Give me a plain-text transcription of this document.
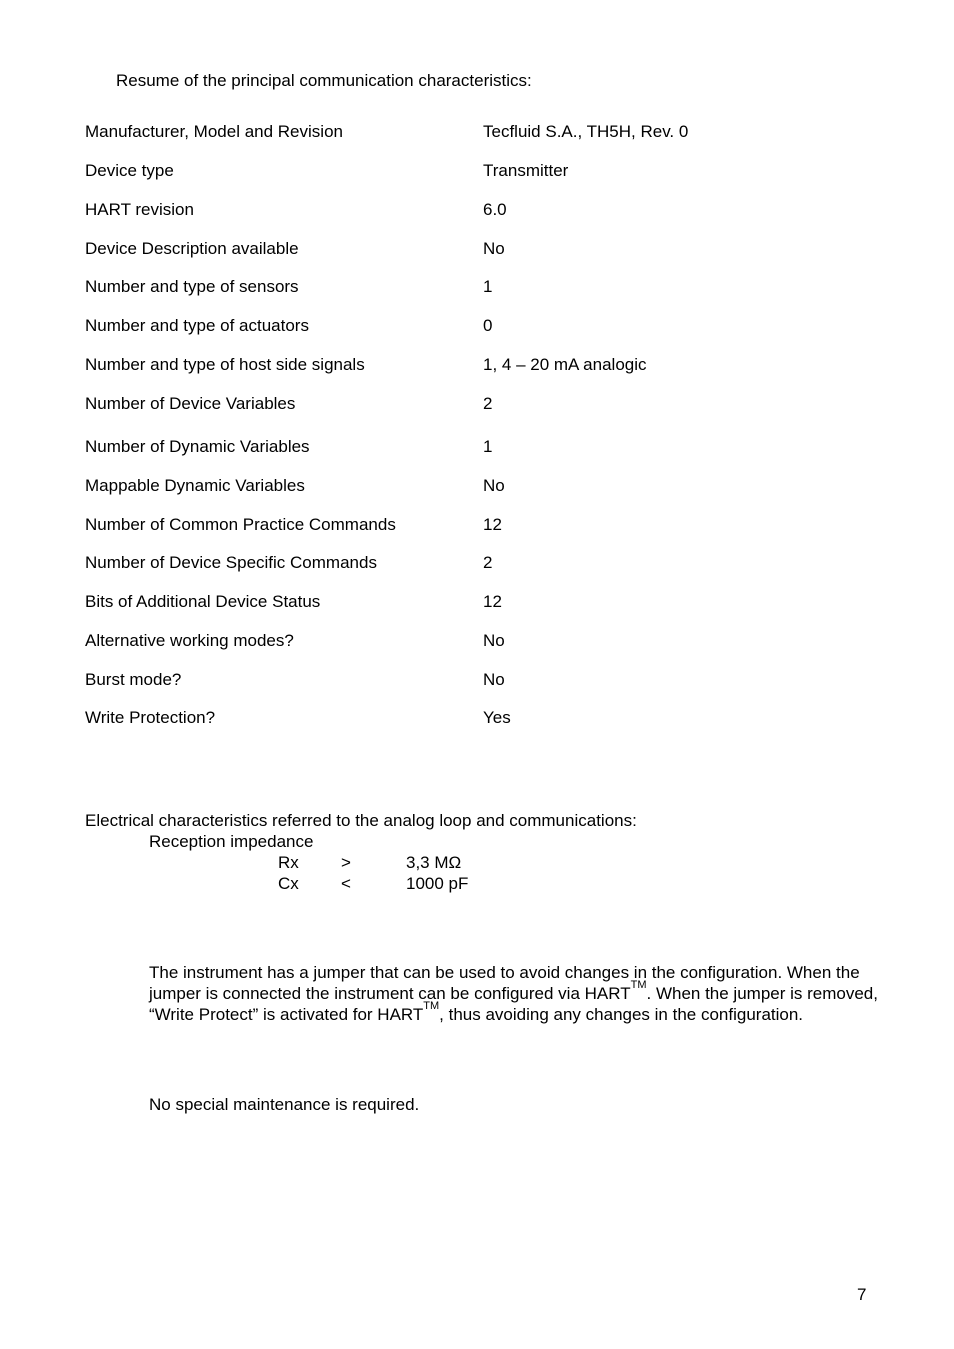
Resume of the principal communication characteristics:
Manufacturer, Model and Revision	Tecfluid S.A., TH5H, Rev. 0
Device type	Transmitter
HART revision	6.0
Device Description available	No
Number and type of sensors	1
Number and type of actuators	0
Number and type of host side signals	1, 4 – 20 mA analogic
Number of Device Variables	2
Number of Dynamic Variables	1
Mappable Dynamic Variables	No
Number of Common Practice Commands	12
Number of Device Specific Commands	2
Bits of Additional Device Status	12
Alternative working modes?	No
Burst mode?	No
Write Protection?	Yes
Electrical characteristics referred to the analog loop and communications:
Reception impedance
Rx >	3,3 MΩ
Cx <	1000 pF
The instrument has a jumper that can be used to avoid changes in the configuration. When the jumper is connected the instrument can be configured via HART™. When the jumper is removed, “Write Protect” is activated for HART™, thus avoiding any changes in the configuration.
No special maintenance is required.
7
